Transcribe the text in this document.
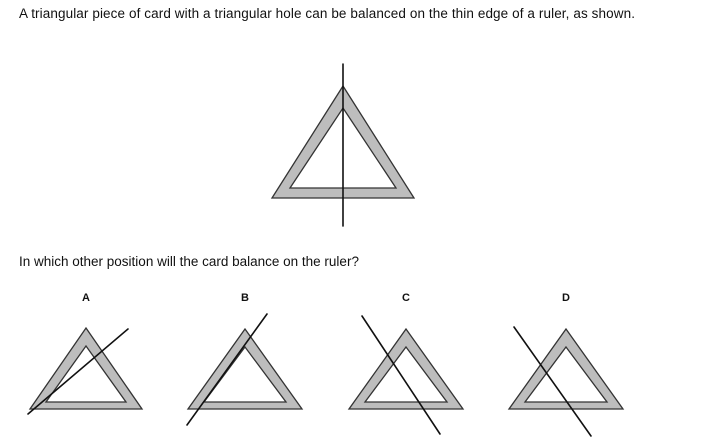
A triangular piece of card with a triangular hole can be balanced on the thin edge of a ruler, as shown.

In which other position will the card balance on the ruler?

A	B	C	D
